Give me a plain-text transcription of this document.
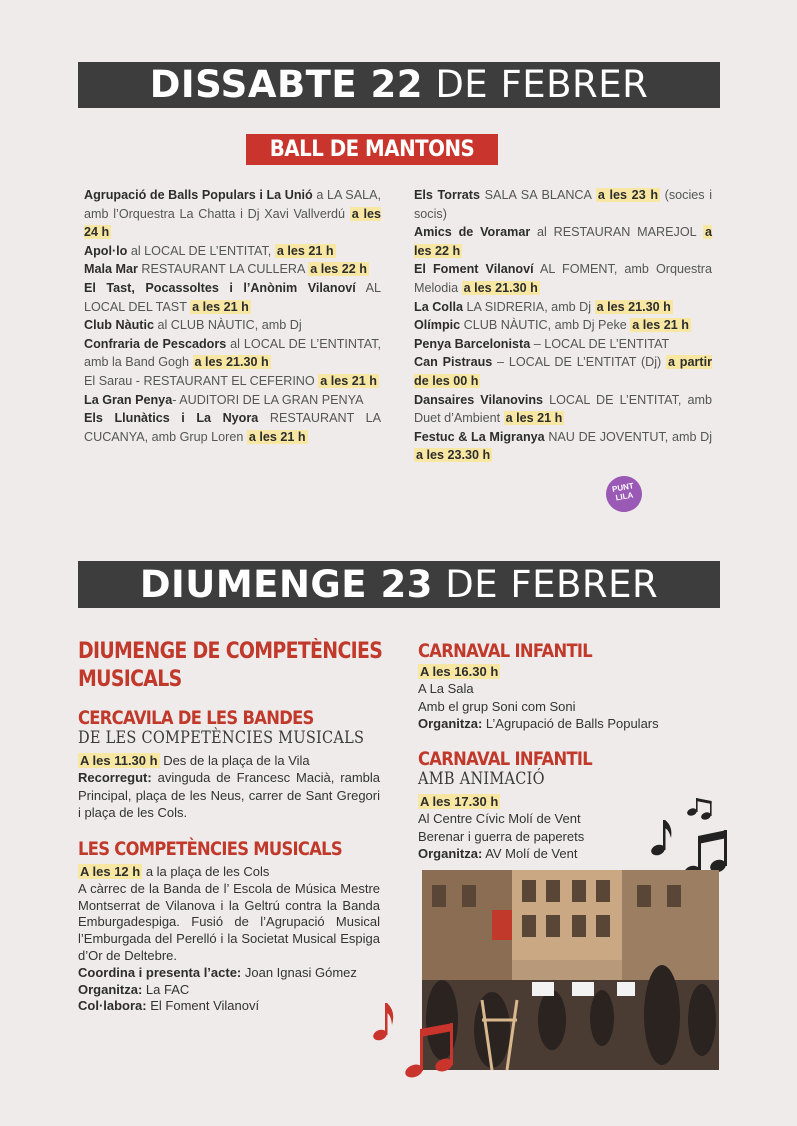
DISSABTE 22 DE FEBRER
BALL DE MANTONS
Agrupació de Balls Populars i La Unió a LA SALA, amb l’Orquestra La Chatta i Dj Xavi Vallverdú a les 24 h
Apol·lo al LOCAL DE L’ENTITAT, a les 21 h
Mala Mar RESTAURANT LA CULLERA a les 22 h
El Tast, Pocassoltes i l’Anònim Vilanoví AL LOCAL DEL TAST a les 21 h
Club Nàutic al CLUB NÀUTIC, amb Dj
Confraria de Pescadors al LOCAL DE L’ENTINTAT, amb la Band Gogh a les 21.30 h
El Sarau - RESTAURANT EL CEFERINO a les 21 h
La Gran Penya- AUDITORI DE LA GRAN PENYA
Els Llunàtics i La Nyora RESTAURANT LA CUCANYA, amb Grup Loren a les 21 h
Els Torrats SALA SA BLANCA a les 23 h (socies i socis)
Amics de Voramar al RESTAURAN MAREJOL a les 22 h
El Foment Vilanoví AL FOMENT, amb Orquestra Melodia a les 21.30 h
La Colla LA SIDRERIA, amb Dj a les 21.30 h
Olímpic CLUB NÀUTIC, amb Dj Peke a les 21 h
Penya Barcelonista – LOCAL DE L’ENTITAT
Can Pistraus – LOCAL DE L’ENTITAT (Dj) a partir de les 00 h
Dansaires Vilanovins LOCAL DE L’ENTITAT, amb Duet d’Ambient a les 21 h
Festuc & La Migranya NAU DE JOVENTUT, amb Dj a les 23.30 h
PUNT LILA
DIUMENGE 23 DE FEBRER
DIUMENGE DE COMPETÈNCIES
MUSICALS
CERCAVILA DE LES BANDES
DE LES COMPETÈNCIES MUSICALS
A les 11.30 h Des de la plaça de la Vila
Recorregut: avinguda de Francesc Macià, rambla Principal, plaça de les Neus, carrer de Sant Gregori i plaça de les Cols.
LES COMPETÈNCIES MUSICALS
A les 12 h a la plaça de les Cols
A càrrec de la Banda de l’ Escola de Música Mestre Montserrat de Vilanova i la Geltrú contra la Banda Emburgadespiga. Fusió de l’Agrupació Musical l’Emburgada del Perelló i la Societat Musical Espiga d’Or de Deltebre.
Coordina i presenta l’acte: Joan Ignasi Gómez
Organitza: La FAC
Col·labora: El Foment Vilanoví
CARNAVAL INFANTIL
A les 16.30 h
A La Sala
Amb el grup Soni com Soni
Organitza: L’Agrupació de Balls Populars
CARNAVAL INFANTIL
AMB ANIMACIÓ
A les 17.30 h
Al Centre Cívic Molí de Vent
Berenar i guerra de paperets
Organitza: AV Molí de Vent
